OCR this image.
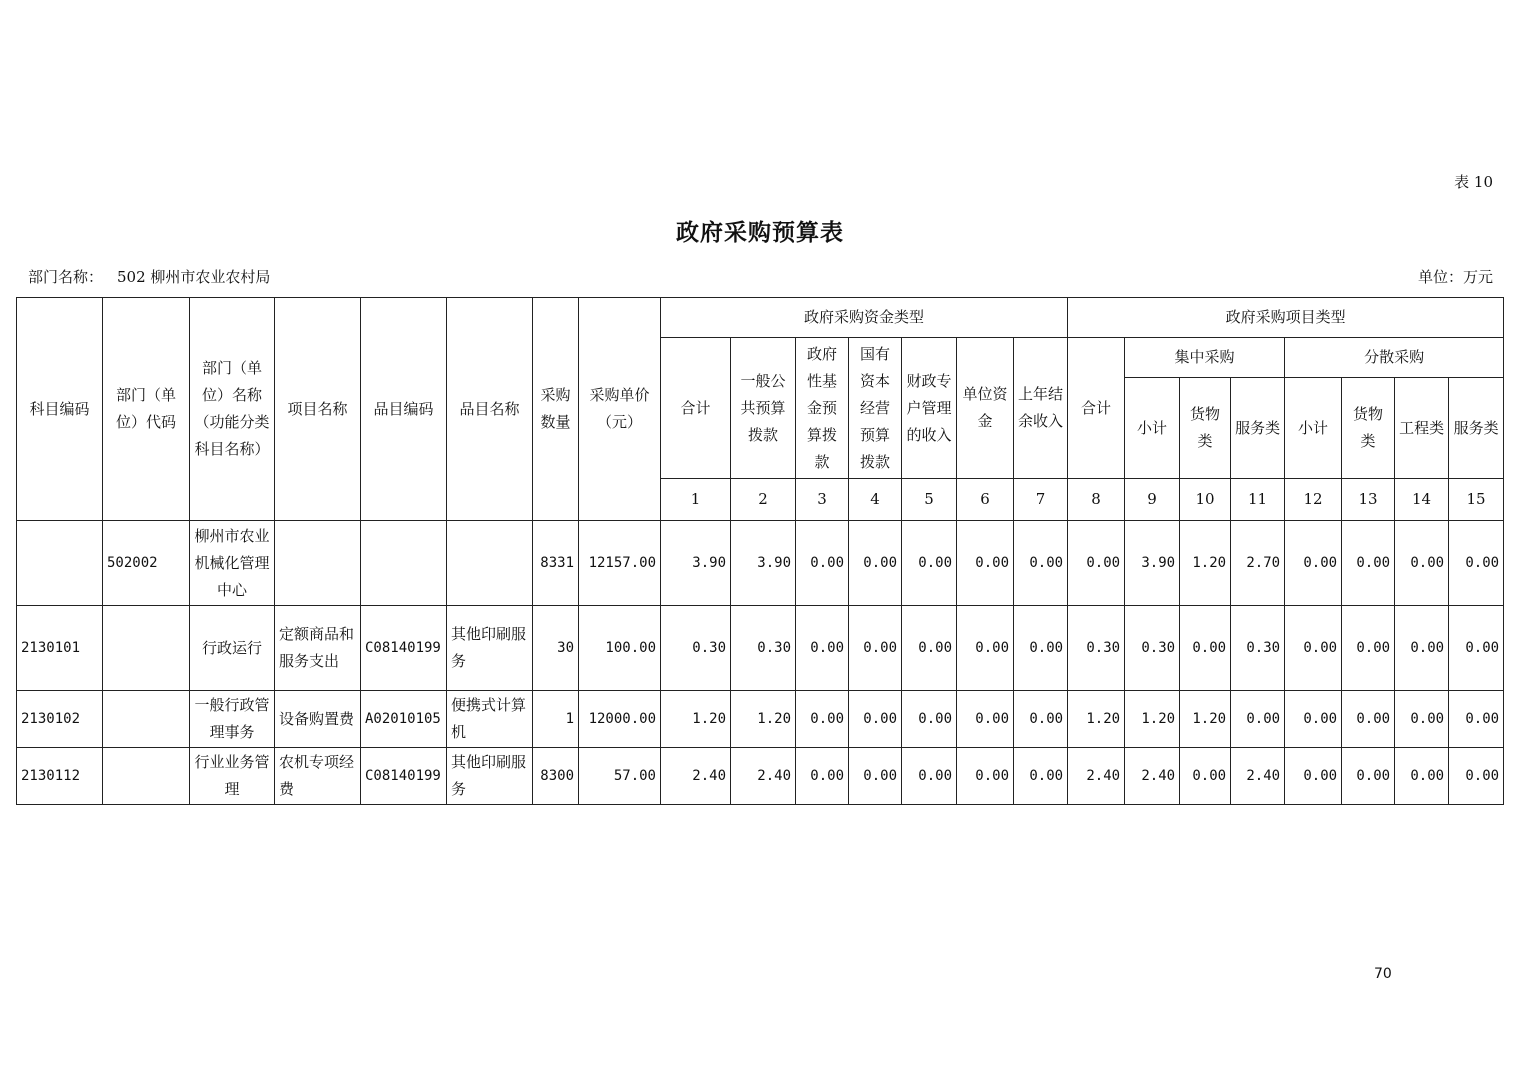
表 10
政府采购预算表
部门名称： 502 柳州市农业农村局	单位：万元
科目编码	部门（单位）代码	部门（单位）名称（功能分类科目名称）	项目名称	品目编码	品目名称	采购数量	采购单价（元）	政府采购资金类型							政府采购项目类型							
								合计	一般公共预算拨款	政府性基金预算拨款	国有资本经营预算拨款	财政专户管理的收入	单位资金	上年结余收入	合计	集中采购			分散采购			
																小计	货物类	服务类	小计	货物类	工程类	服务类
								1	2	3	4	5	6	7	8	9	10	11	12	13	14	15
	502002	柳州市农业机械化管理中心				8331	12157.00	3.90	3.90	0.00	0.00	0.00	0.00	0.00	0.00	3.90	1.20	2.70	0.00	0.00	0.00	0.00
2130101		行政运行	定额商品和服务支出	C08140199	其他印刷服务	30	100.00	0.30	0.30	0.00	0.00	0.00	0.00	0.00	0.30	0.30	0.00	0.30	0.00	0.00	0.00	0.00
2130102		一般行政管理事务	设备购置费	A02010105	便携式计算机	1	12000.00	1.20	1.20	0.00	0.00	0.00	0.00	0.00	1.20	1.20	1.20	0.00	0.00	0.00	0.00	0.00
2130112		行业业务管理	农机专项经费	C08140199	其他印刷服务	8300	57.00	2.40	2.40	0.00	0.00	0.00	0.00	0.00	2.40	2.40	0.00	2.40	0.00	0.00	0.00	0.00
70
